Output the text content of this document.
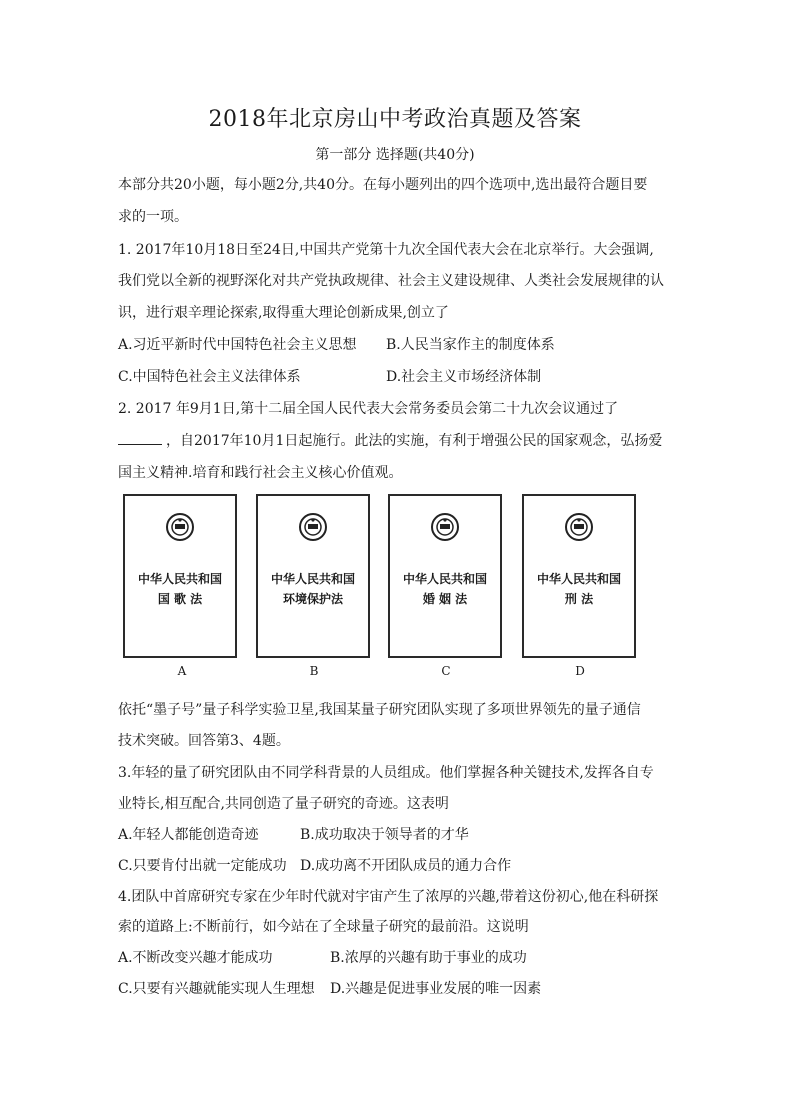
2018年北京房山中考政治真题及答案
第一部分 选择题(共40分)
本部分共20小题，每小题2分,共40分。在每小题列出的四个选项中,选出最符合题目要
求的一项。
1. 2017年10月18日至24日,中国共产党第十九次全国代表大会在北京举行。大会强调,
我们党以全新的视野深化对共产党执政规律、社会主义建设规律、人类社会发展规律的认
识，进行艰辛理论探索,取得重大理论创新成果,创立了
A.习近平新时代中国特色社会主义思想 B.人民当家作主的制度体系
C.中国特色社会主义法律体系	D.社会主义市场经济体制
2. 2017 年9月1日,第十二届全国人民代表大会常务委员会第二十九次会议通过了
，自2017年10月1日起施行。此法的实施，有利于增强公民的国家观念，弘扬爱
国主义精神.培育和践行社会主义核心价值观。
中华人民共和国
国 歌 法
中华人民共和国
环境保护法
中华人民共和国
婚 姻 法
中华人民共和国
刑 法
A	B	C	D
依托“墨子号”量子科学实验卫星,我国某量子研究团队实现了多项世界领先的量子通信
技术突破。回答第3、4题。
3.年轻的量了研究团队由不同学科背景的人员组成。他们掌握各种关键技术,发挥各自专
业特长,相互配合,共同创造了量子研究的奇迹。这表明
A.年轻人都能创造奇迹	B.成功取决于领导者的才华
C.只要肯付出就一定能成功 D.成功离不开团队成员的通力合作
4.团队中首席研究专家在少年时代就对宇宙产生了浓厚的兴趣,带着这份初心,他在科研探
索的道路上:不断前行，如今站在了全球量子研究的最前沿。这说明
A.不断改变兴趣才能成功	B.浓厚的兴趣有助于事业的成功
C.只要有兴趣就能实现人生理想 D.兴趣是促进事业发展的唯一因素
